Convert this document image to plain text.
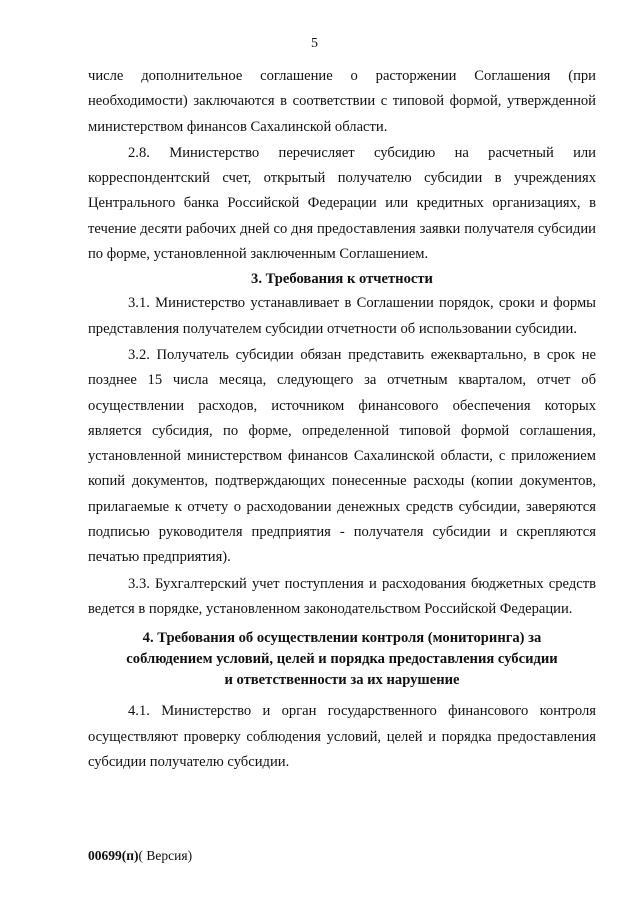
5

числе дополнительное соглашение о расторжении Соглашения (при необходимости) заключаются в соответствии с типовой формой, утвержденной министерством финансов Сахалинской области.

2.8. Министерство перечисляет субсидию на расчетный или корреспондентский счет, открытый получателю субсидии в учреждениях Центрального банка Российской Федерации или кредитных организациях, в течение десяти рабочих дней со дня предоставления заявки получателя субсидии по форме, установленной заключенным Соглашением.

3. Требования к отчетности

3.1. Министерство устанавливает в Соглашении порядок, сроки и формы представления получателем субсидии отчетности об использовании субсидии.

3.2. Получатель субсидии обязан представить ежеквартально, в срок не позднее 15 числа месяца, следующего за отчетным кварталом, отчет об осуществлении расходов, источником финансового обеспечения которых является субсидия, по форме, определенной типовой формой соглашения, установленной министерством финансов Сахалинской области, с приложением копий документов, подтверждающих понесенные расходы (копии документов, прилагаемые к отчету о расходовании денежных средств субсидии, заверяются подписью руководителя предприятия - получателя субсидии и скрепляются печатью предприятия).

3.3. Бухгалтерский учет поступления и расходования бюджетных средств ведется в порядке, установленном законодательством Российской Федерации.

4. Требования об осуществлении контроля (мониторинга) за
соблюдением условий, целей и порядка предоставления субсидии
и ответственности за их нарушение

4.1. Министерство и орган государственного финансового контроля осуществляют проверку соблюдения условий, целей и порядка предоставления субсидии получателю субсидии.

00699(п)( Версия)
